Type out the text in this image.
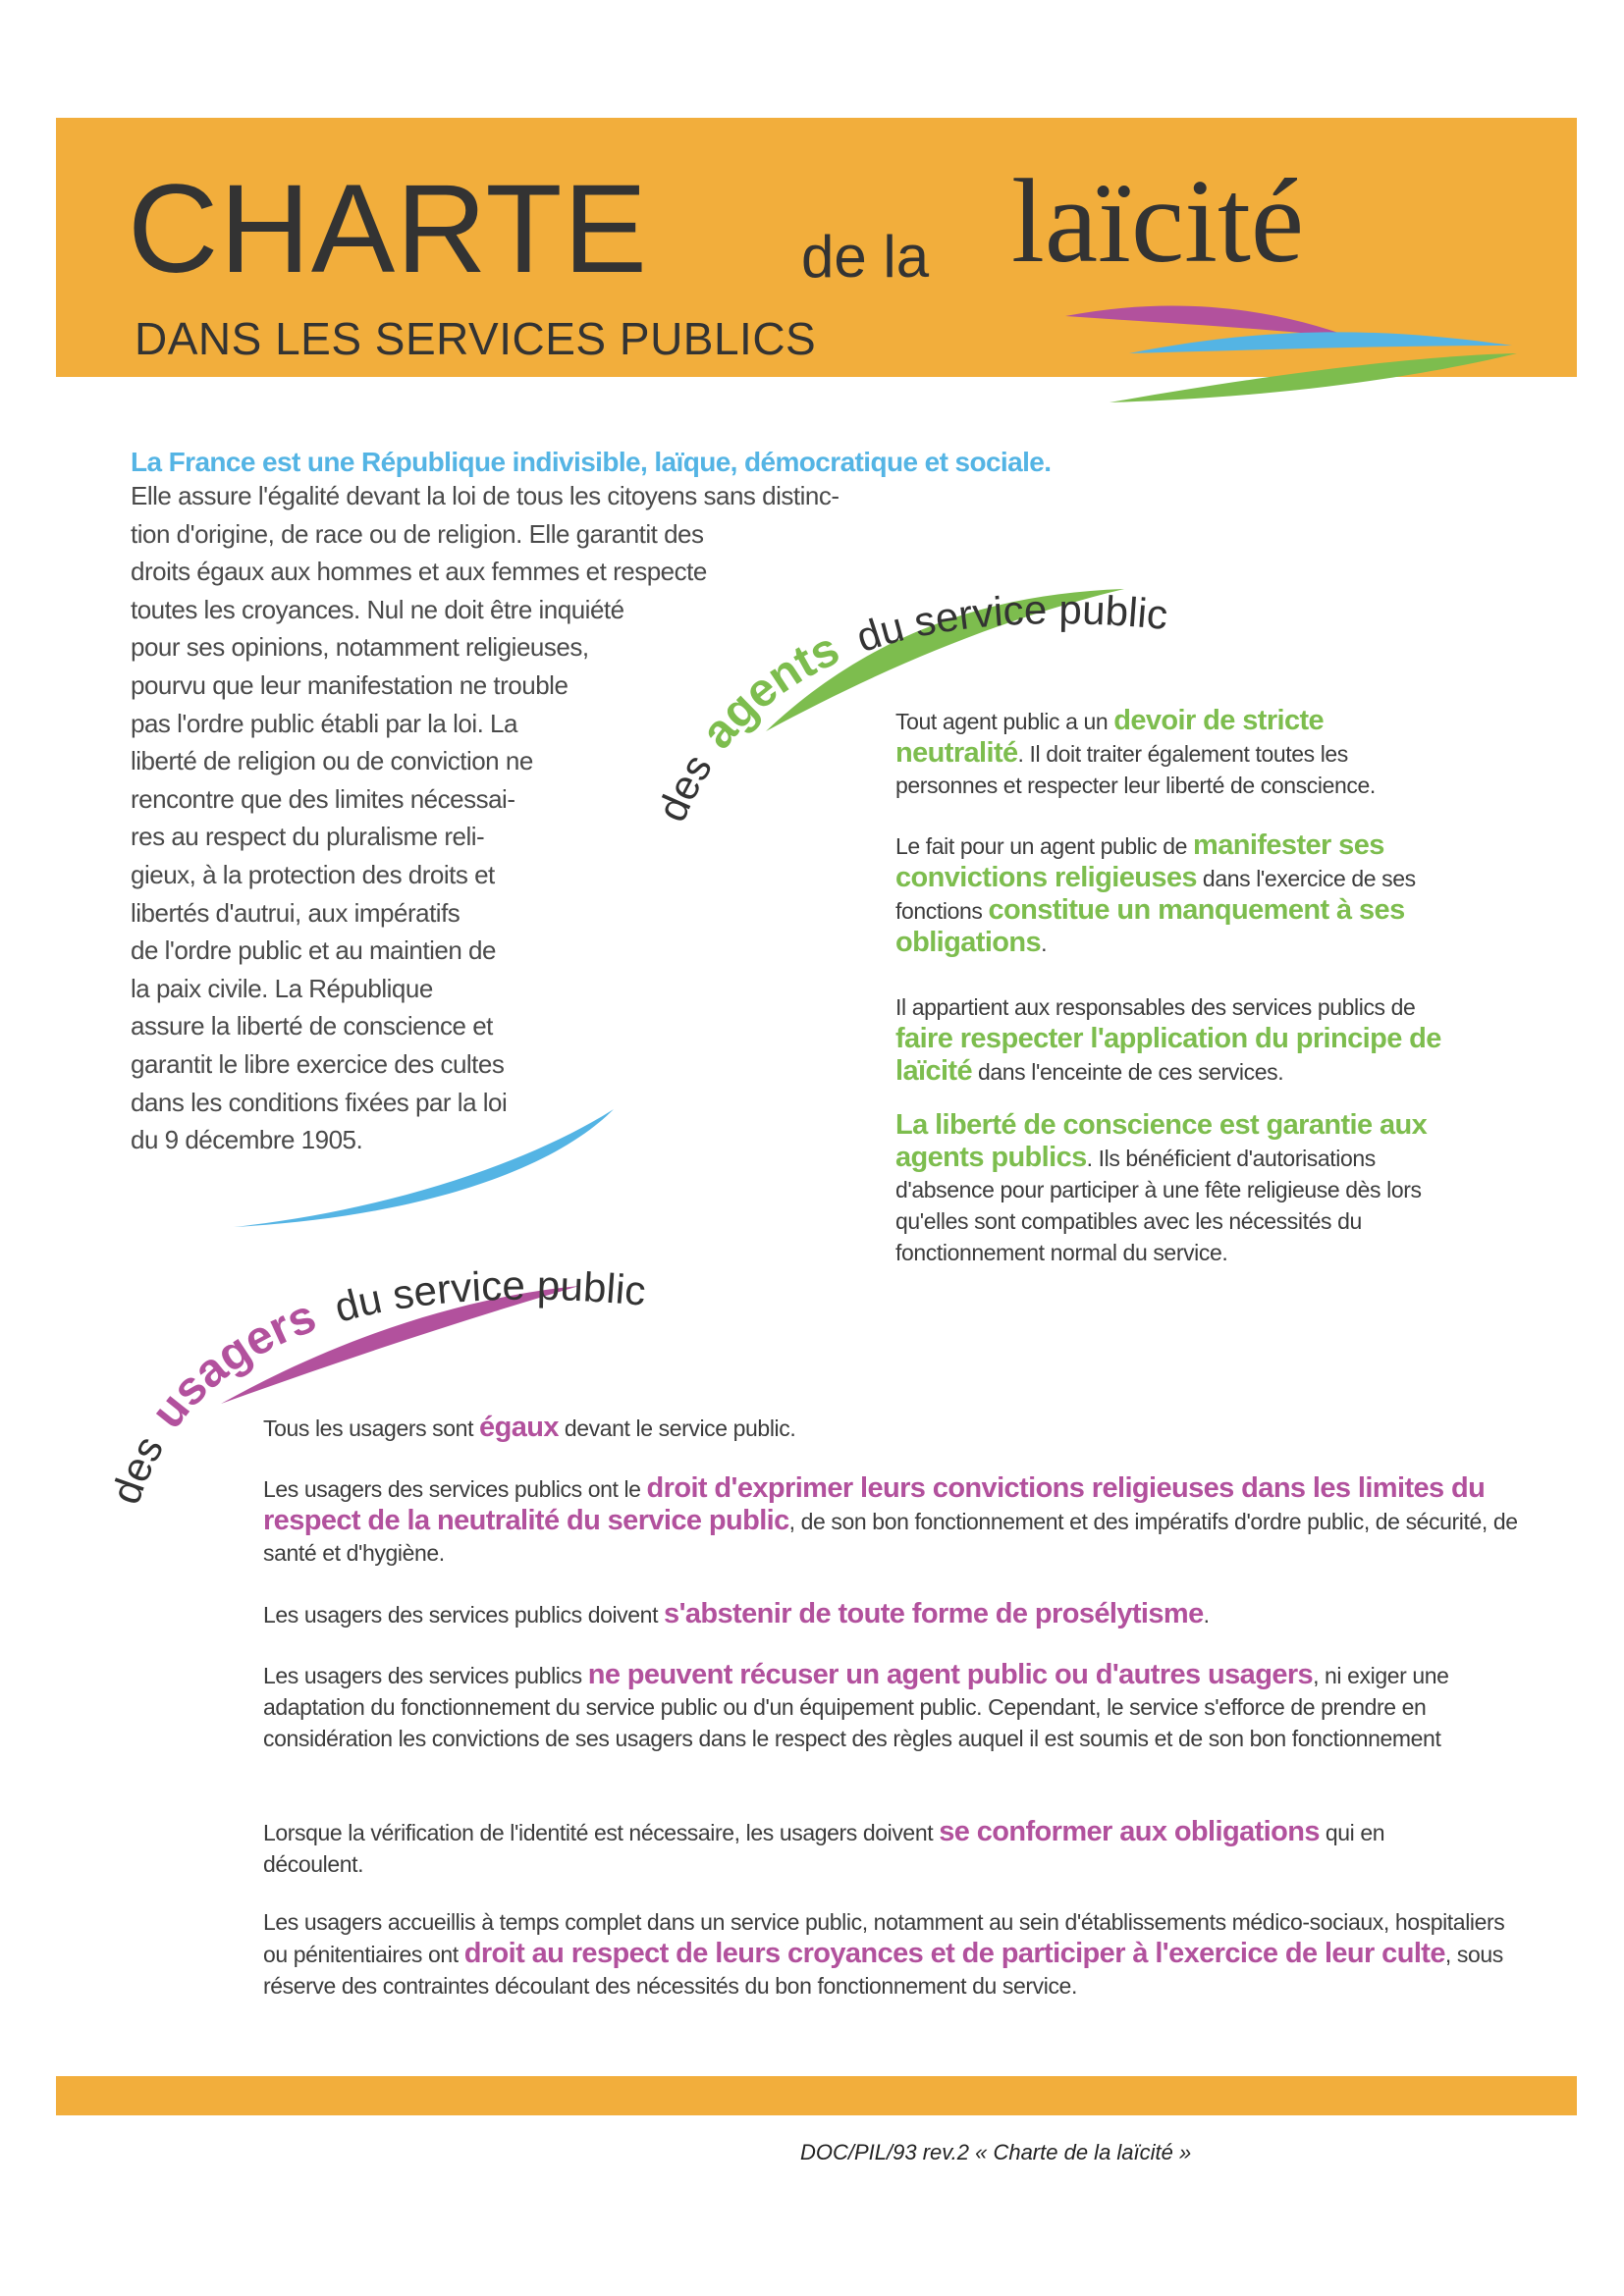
CHARTE	de la laïcité
DANS LES SERVICES PUBLICS
La France est une République indivisible, laïque, démocratique et sociale.
Elle assure l'égalité devant la loi de tous les citoyens sans distinc-
tion d'origine, de race ou de religion. Elle garantit des
droits égaux aux hommes et aux femmes et respecte
toutes les croyances. Nul ne doit être inquiété
pour ses opinions, notamment religieuses,
pourvu que leur manifestation ne trouble
pas l'ordre public établi par la loi. La
liberté de religion ou de conviction ne
rencontre que des limites nécessai-
res au respect du pluralisme reli-
gieux, à la protection des droits et
libertés d'autrui, aux impératifs
de l'ordre public et au maintien de
la paix civile. La République
assure la liberté de conscience et
garantit le libre exercice des cultes
dans les conditions fixées par la loi
du 9 décembre 1905.
des agents du service public
des usagers du service public
Tout agent public a un devoir de stricte neutralité. Il doit traiter également toutes les personnes et respecter leur liberté de conscience.
Le fait pour un agent public de manifester ses convictions religieuses dans l'exercice de ses fonctions constitue un manquement à ses obligations.
Il appartient aux responsables des services publics de faire respecter l'application du principe de laïcité dans l'enceinte de ces services.
La liberté de conscience est garantie aux agents publics. Ils bénéficient d'autorisations d'absence pour participer à une fête religieuse dès lors qu'elles sont compatibles avec les nécessités du fonctionnement normal du service.
Tous les usagers sont égaux devant le service public.
Les usagers des services publics ont le droit d'exprimer leurs convictions religieuses dans les limites du respect de la neutralité du service public, de son bon fonctionnement et des impératifs d'ordre public, de sécurité, de santé et d'hygiène.
Les usagers des services publics doivent s'abstenir de toute forme de prosélytisme.
Les usagers des services publics ne peuvent récuser un agent public ou d'autres usagers, ni exiger une adaptation du fonctionnement du service public ou d'un équipement public. Cependant, le service s'efforce de prendre en considération les convictions de ses usagers dans le respect des règles auquel il est soumis et de son bon fonctionnement
Lorsque la vérification de l'identité est nécessaire, les usagers doivent se conformer aux obligations qui en découlent.
Les usagers accueillis à temps complet dans un service public, notamment au sein d'établissements médico-sociaux, hospitaliers ou pénitentiaires ont droit au respect de leurs croyances et de participer à l'exercice de leur culte, sous réserve des contraintes découlant des nécessités du bon fonctionnement du service.
DOC/PIL/93 rev.2 « Charte de la laïcité »
